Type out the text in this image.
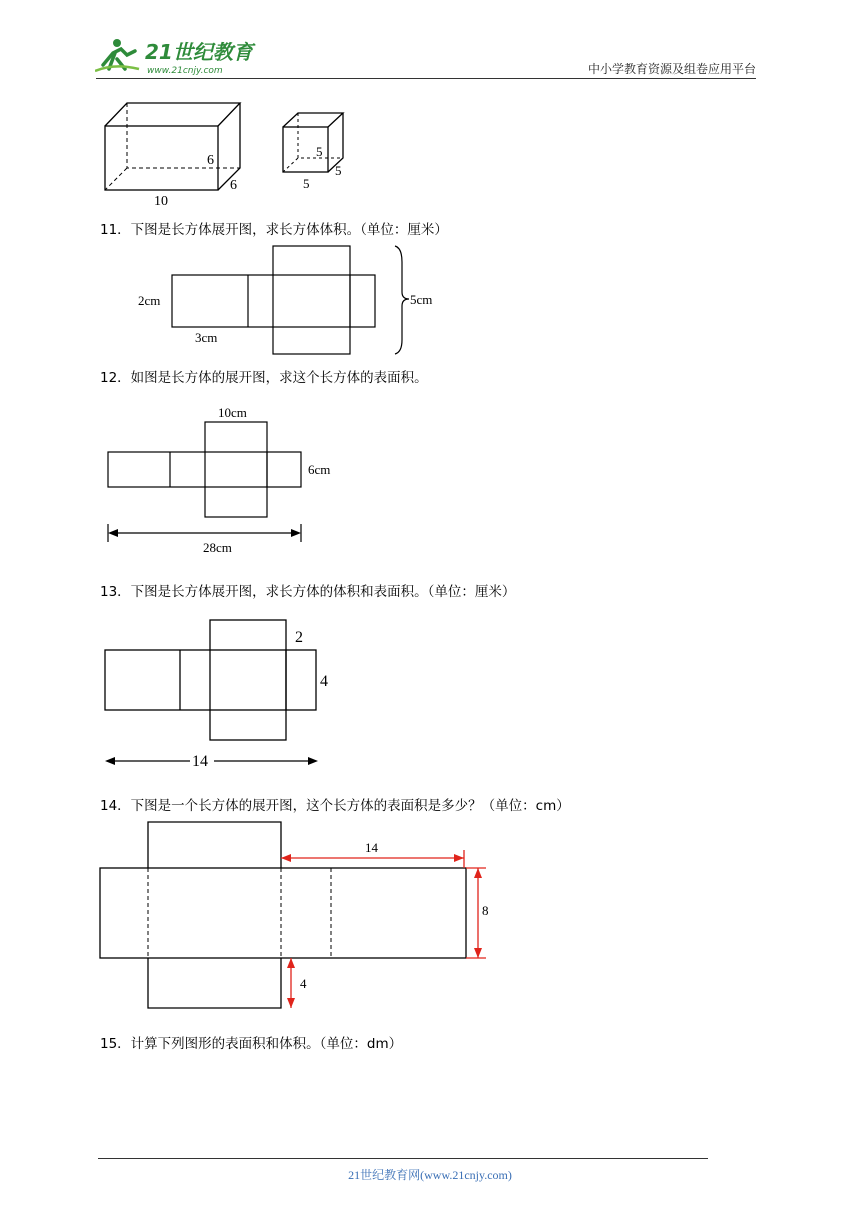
21世纪教育
www.21cnjy.com	中小学教育资源及组卷应用平台
6
6
10
5
5
5
11．下图是长方体展开图，求长方体体积。（单位：厘米）
2cm
3cm
5cm
12．如图是长方体的展开图，求这个长方体的表面积。
10cm
6cm
28cm
13．下图是长方体展开图，求长方体的体积和表面积。（单位：厘米）
2
4
14
14．下图是一个长方体的展开图，这个长方体的表面积是多少？（单位：cm）
14
8
4
15．计算下列图形的表面积和体积。（单位：dm）
21世纪教育网(www.21cnjy.com)
